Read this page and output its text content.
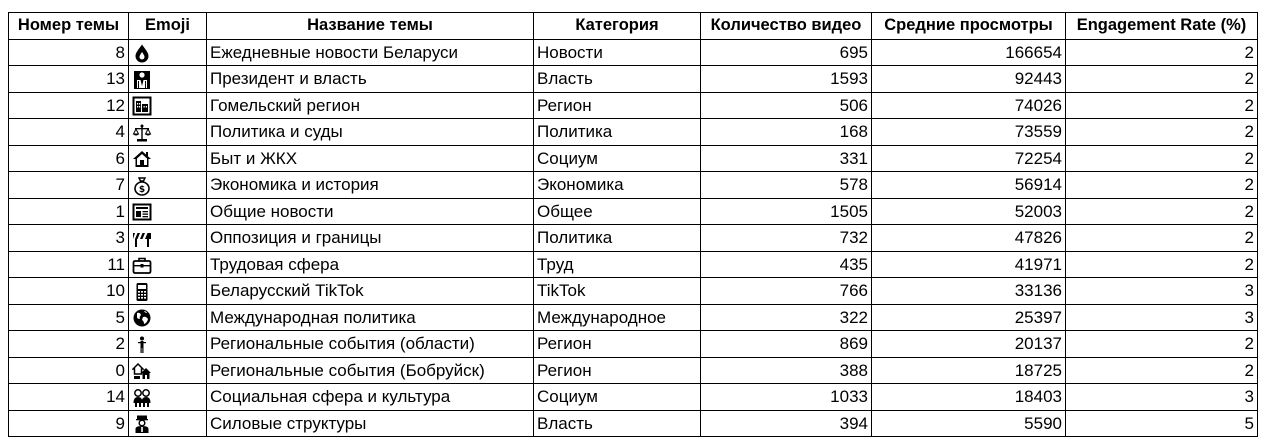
Номер темы	Emoji	Название темы	Категория	Количество видео	Средние просмотры	Engagement Rate (%)
8		Ежедневные новости Беларуси	Новости	695	166654	2
13		Президент и власть	Власть	1593	92443	2
12		Гомельский регион	Регион	506	74026	2
4		Политика и суды	Политика	168	73559	2
6		Быт и ЖКХ	Социум	331	72254	2
7	$	Экономика и история	Экономика	578	56914	2
1		Общие новости	Общее	1505	52003	2
3		Оппозиция и границы	Политика	732	47826	2
11		Трудовая сфера	Труд	435	41971	2
10		Беларусский TikTok	TikTok	766	33136	3
5		Международная политика	Международное	322	25397	3
2		Региональные события (области)	Регион	869	20137	2
0		Региональные события (Бобруйск)	Регион	388	18725	2
14		Социальная сфера и культура	Социум	1033	18403	3
9		Силовые структуры	Власть	394	5590	5
